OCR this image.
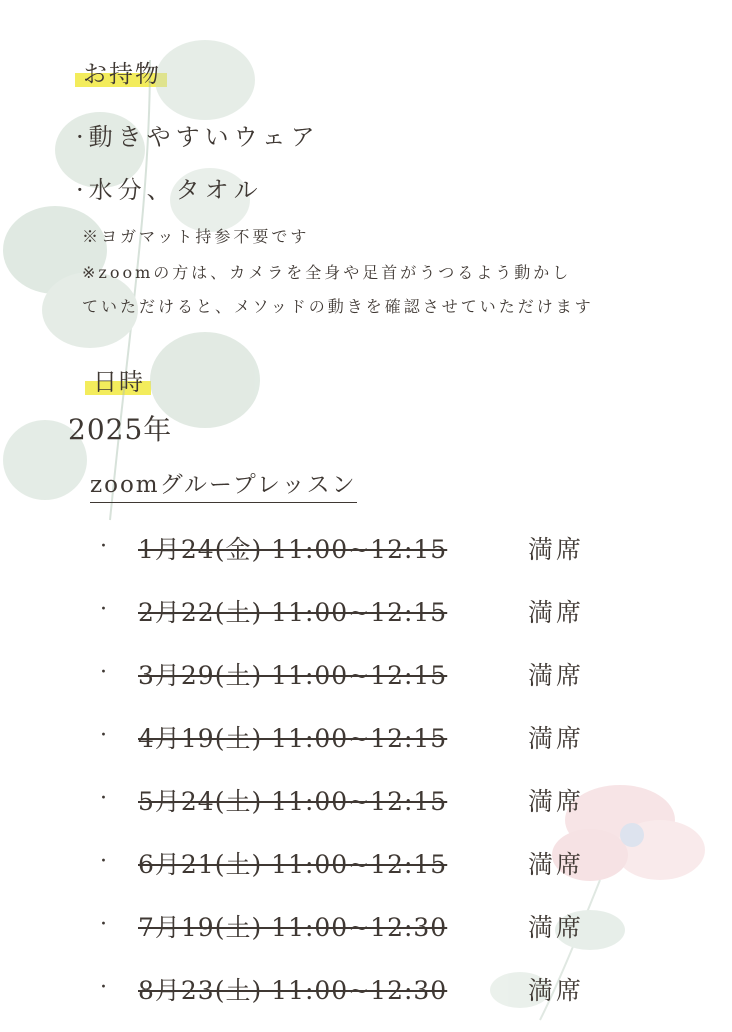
お持物
·動きやすいウェア
·水分、タオル
※ヨガマット持参不要です
※zoomの方は、カメラを全身や足首がうつるよう動かし
ていただけると、メソッドの動きを確認させていただけます
日時
2025年
zoomグループレッスン
· 1月24(金) 11:00~12:15	満席
· 2月22(土) 11:00~12:15	満席
· 3月29(土) 11:00~12:15	満席
· 4月19(土) 11:00~12:15	満席
· 5月24(土) 11:00~12:15	満席
· 6月21(土) 11:00~12:15	満席
· 7月19(土) 11:00~12:30	満席
· 8月23(土) 11:00~12:30	満席
